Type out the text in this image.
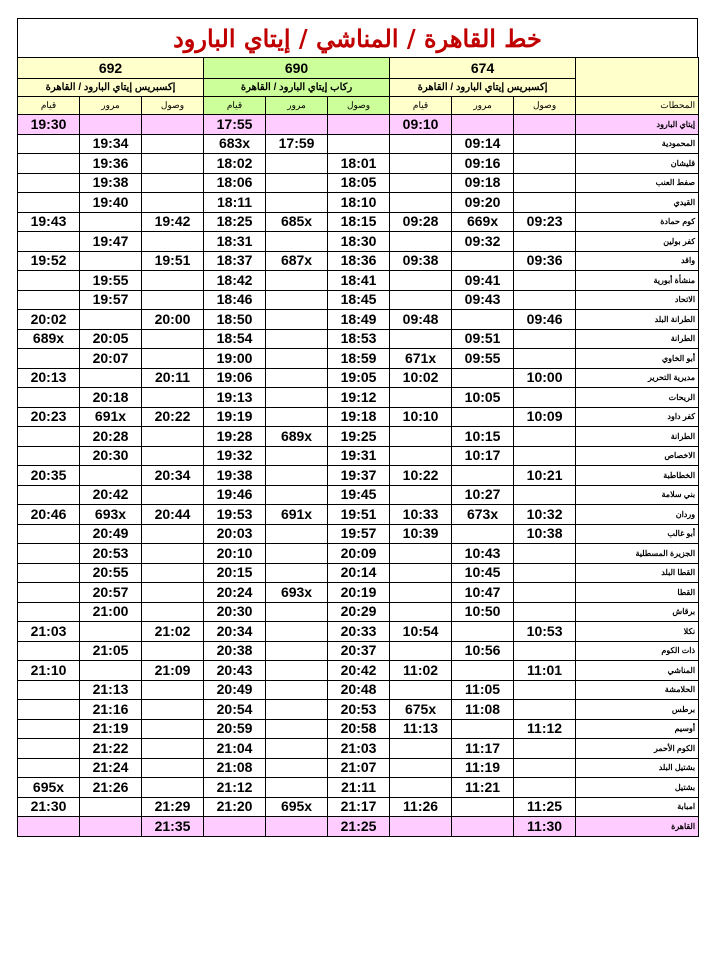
خط القاهرة / المناشي / إيتاي البارود
692			690			674			
إكسبريس إيتاي البارود / القاهرة			ركاب إيتاي البارود / القاهرة			إكسبريس إيتاي البارود / القاهرة			
قيام	مرور	وصول	قيام	مرور	وصول	قيام	مرور	وصول	المحطات
19:30			17:55			09:10			إيتاي البارود
	19:34		683x	17:59			09:14		المحمودية
	19:36		18:02		18:01		09:16		قليشان
	19:38		18:06		18:05		09:18		صفط العنب
	19:40		18:11		18:10		09:20		القيدي
19:43		19:42	18:25	685x	18:15	09:28	669x	09:23	كوم حمادة
	19:47		18:31		18:30		09:32		كفر بولين
19:52		19:51	18:37	687x	18:36	09:38		09:36	واقد
	19:55		18:42		18:41		09:41		منشأة أبورية
	19:57		18:46		18:45		09:43		الاتحاد
20:02		20:00	18:50		18:49	09:48		09:46	الطرانة البلد
689x	20:05		18:54		18:53		09:51		الطرانة
	20:07		19:00		18:59	671x	09:55		أبو الخاوي
20:13		20:11	19:06		19:05	10:02		10:00	مديرية التحرير
	20:18		19:13		19:12		10:05		الريحات
20:23	691x	20:22	19:19		19:18	10:10		10:09	كفر داود
	20:28		19:28	689x	19:25		10:15		الطرانة
	20:30		19:32		19:31		10:17		الاخصاص
20:35		20:34	19:38		19:37	10:22		10:21	الخطاطبة
	20:42		19:46		19:45		10:27		بني سلامة
20:46	693x	20:44	19:53	691x	19:51	10:33	673x	10:32	وردان
	20:49		20:03		19:57	10:39		10:38	أبو غالب
	20:53		20:10		20:09		10:43		الجزيرة المسطلية
	20:55		20:15		20:14		10:45		القطا البلد
	20:57		20:24	693x	20:19		10:47		القطا
	21:00		20:30		20:29		10:50		برقاش
21:03		21:02	20:34		20:33	10:54		10:53	نكلا
	21:05		20:38		20:37		10:56		ذات الكوم
21:10		21:09	20:43		20:42	11:02		11:01	المناشي
	21:13		20:49		20:48		11:05		الحلامشة
	21:16		20:54		20:53	675x	11:08		برطس
	21:19		20:59		20:58	11:13		11:12	أوسيم
	21:22		21:04		21:03		11:17		الكوم الأحمر
	21:24		21:08		21:07		11:19		بشتيل البلد
695x	21:26		21:12		21:11		11:21		بشتيل
21:30		21:29	21:20	695x	21:17	11:26		11:25	امبابة
		21:35			21:25			11:30	القاهرة
